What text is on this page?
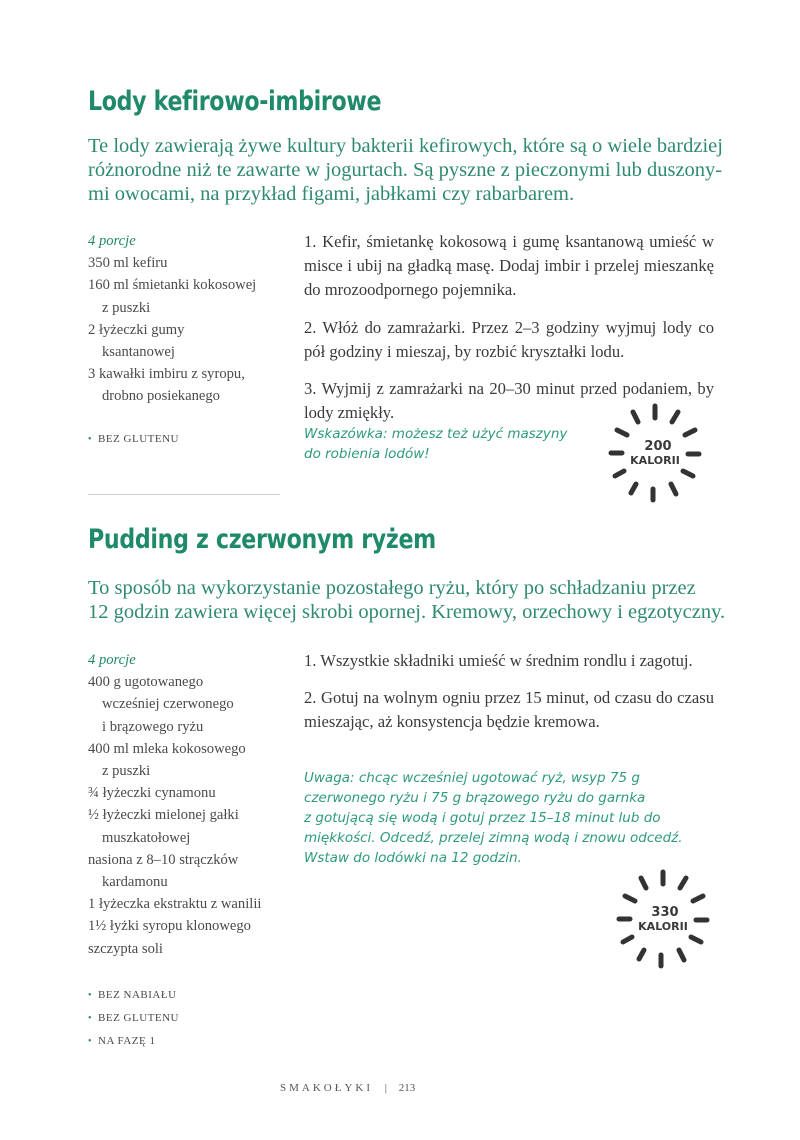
Lody kefirowo-imbirowe

Te lody zawierają żywe kultury bakterii kefirowych, które są o wiele bardziej

różnorodne niż te zawarte w jogurtach. Są pyszne z pieczonymi lub duszony-

mi owocami, na przykład figami, jabłkami czy rabarbarem.

4 porcje
350 ml kefiru
160 ml śmietanki kokosowej
z puszki
2 łyżeczki gumy
ksantanowej
3 kawałki imbiru z syropu,
drobno posiekanego
• BEZ GLUTENU

1. Kefir, śmietankę kokosową i gumę ksantanową umieść w misce i ubij na gładką masę. Dodaj imbir i przelej mieszankę do mrozoodpornego pojemnika.

2. Włóż do zamrażarki. Przez 2–3 godziny wyjmuj lody co pół godziny i mieszaj, by rozbić kryształki lodu.

3. Wyjmij z zamrażarki na 20–30 minut przed podaniem, by lody zmiękły.

Wskazówka: możesz też użyć maszyny
do robienia lodów!	200
KALORII
Pudding z czerwonym ryżem

To sposób na wykorzystanie pozostałego ryżu, który po schładzaniu przez

12 godzin zawiera więcej skrobi opornej. Kremowy, orzechowy i egzotyczny.

4 porcje
400 g ugotowanego
wcześniej czerwonego
i brązowego ryżu
400 ml mleka kokosowego
z puszki
¾ łyżeczki cynamonu
½ łyżeczki mielonej gałki
muszkatołowej
nasiona z 8–10 strączków
kardamonu
1 łyżeczka ekstraktu z wanilii
1½ łyżki syropu klonowego
szczypta soli
• BEZ NABIAŁU
• BEZ GLUTENU
• NA FAZĘ 1

1. Wszystkie składniki umieść w średnim rondlu i zagotuj.

2. Gotuj na wolnym ogniu przez 15 minut, od czasu do czasu mieszając, aż konsystencja będzie kremowa.

Uwaga: chcąc wcześniej ugotować ryż, wsyp 75 g
czerwonego ryżu i 75 g brązowego ryżu do garnka
z gotującą się wodą i gotuj przez 15–18 minut lub do
miękkości. Odcedź, przelej zimną wodą i znowu odcedź.
Wstaw do lodówki na 12 godzin.
330
KALORII
SMAKOŁYKI | 213
